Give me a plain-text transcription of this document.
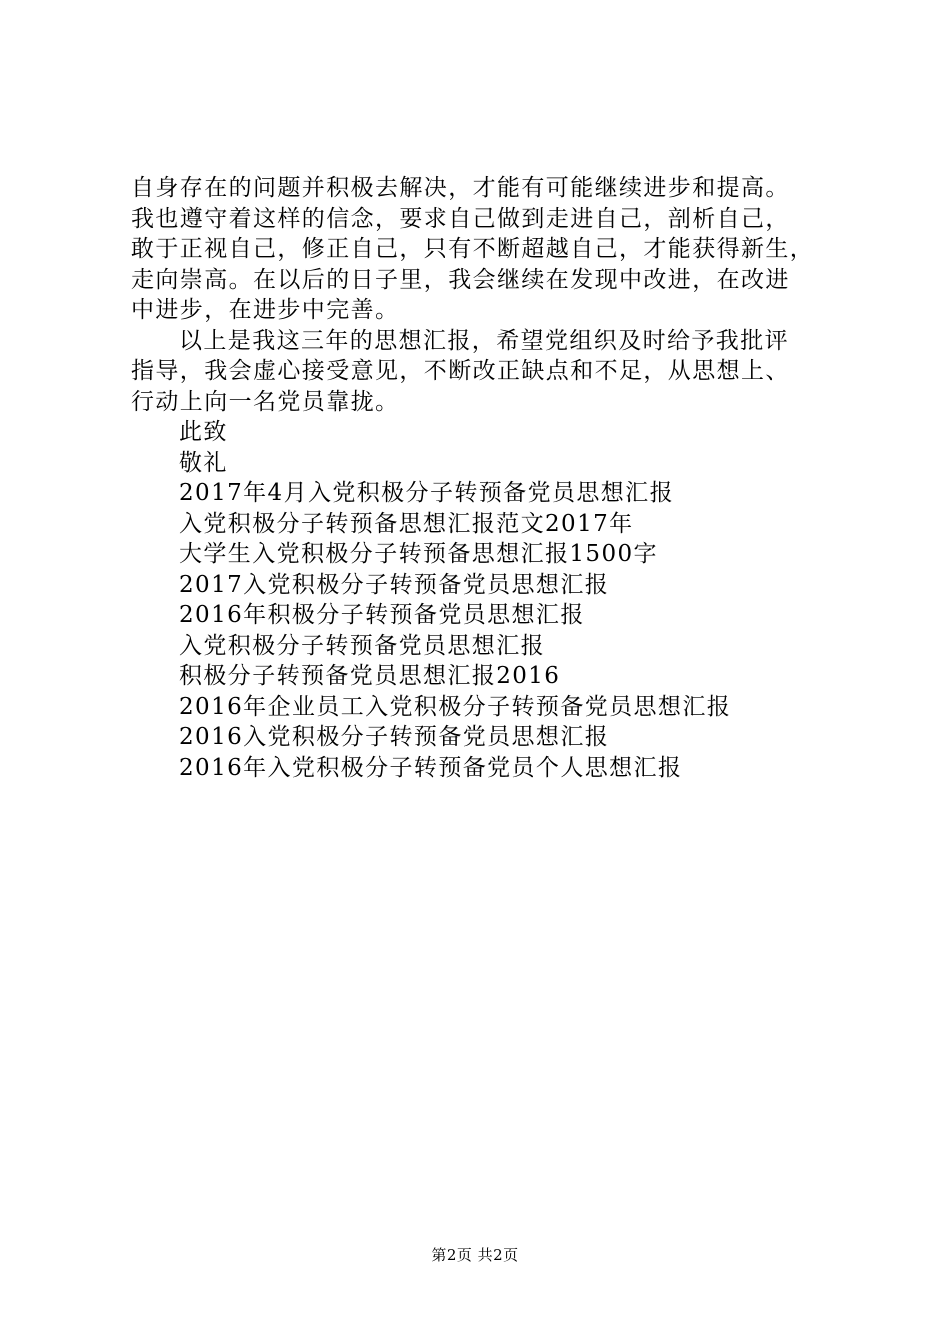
自身存在的问题并积极去解决，才能有可能继续进步和提高。
我也遵守着这样的信念，要求自己做到走进自己，剖析自己，
敢于正视自己，修正自己，只有不断超越自己，才能获得新生，
走向崇高。在以后的日子里，我会继续在发现中改进，在改进
中进步，在进步中完善。
以上是我这三年的思想汇报，希望党组织及时给予我批评
指导，我会虚心接受意见，不断改正缺点和不足，从思想上、
行动上向一名党员靠拢。
此致
敬礼
2017年4月入党积极分子转预备党员思想汇报
入党积极分子转预备思想汇报范文2017年
大学生入党积极分子转预备思想汇报1500字
2017入党积极分子转预备党员思想汇报
2016年积极分子转预备党员思想汇报
入党积极分子转预备党员思想汇报
积极分子转预备党员思想汇报2016
2016年企业员工入党积极分子转预备党员思想汇报
2016入党积极分子转预备党员思想汇报
2016年入党积极分子转预备党员个人思想汇报
第2页 共2页
